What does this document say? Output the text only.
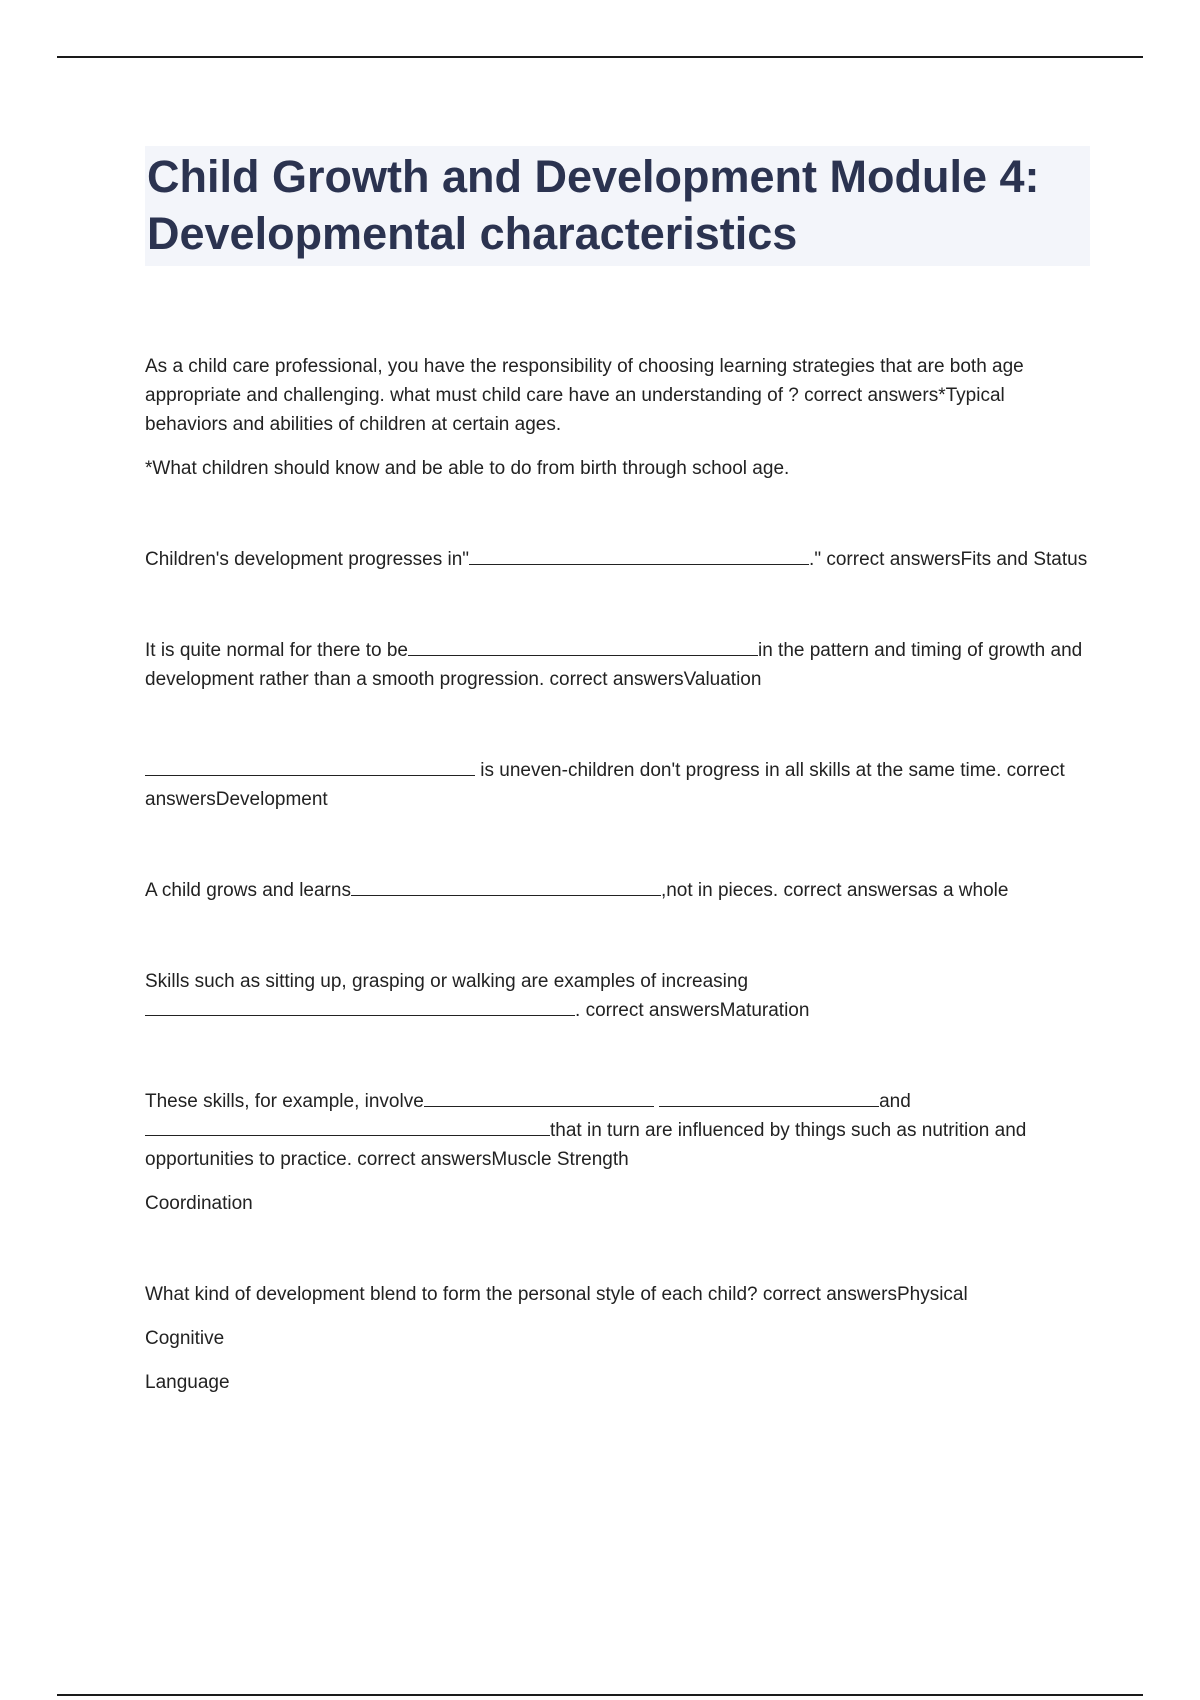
Child Growth and Development Module 4: Developmental characteristics

As a child care professional, you have the responsibility of choosing learning strategies that are both age appropriate and challenging. what must child care have an understanding of ? correct answers*Typical behaviors and abilities of children at certain ages.

*What children should know and be able to do from birth through school age.

Children's development progresses in"	." correct answersFits and Status

It is quite normal for there to be	in the pattern and timing of growth and development rather than a smooth progression. correct answersValuation

is uneven-children don't progress in all skills at the same time. correct answersDevelopment

A child grows and learns	,not in pieces. correct answersas a whole

Skills such as sitting up, grasping or walking are examples of increasing. correct answersMaturation

These skills, for example, involve	andthat in turn are influenced by things such as nutrition and opportunities to practice. correct answersMuscle Strength

Coordination

What kind of development blend to form the personal style of each child? correct answersPhysical

Cognitive

Language
